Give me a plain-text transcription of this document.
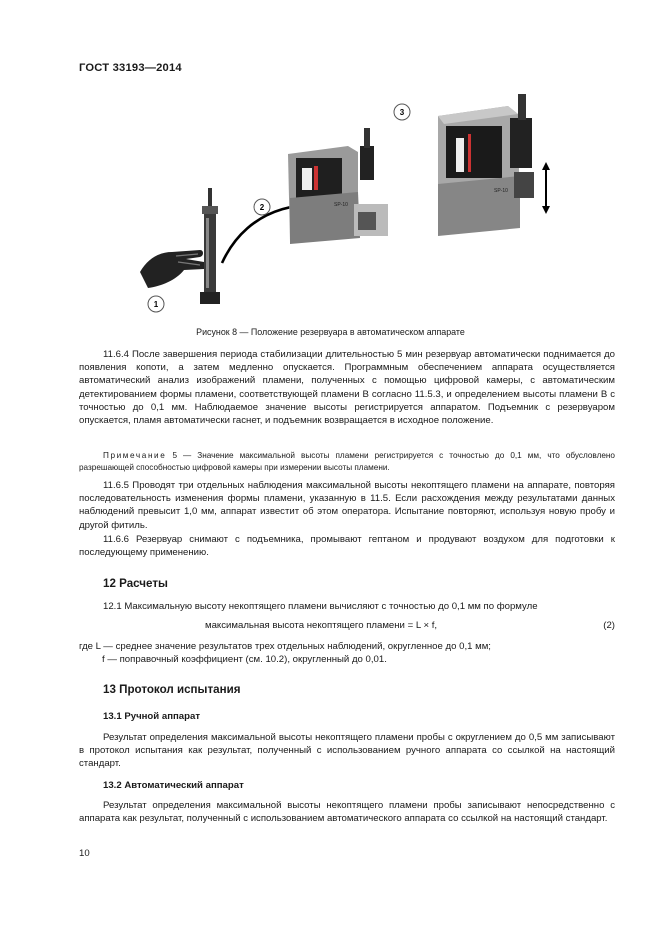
ГОСТ 33193—2014
SP-10
SP-10
1
2
3
Рисунок 8 — Положение резервуара в автоматическом аппарате
11.6.4 После завершения периода стабилизации длительностью 5 мин резервуар автоматически поднимается до появления копоти, а затем медленно опускается. Программным обеспечением аппарата осуществляется автоматический анализ изображений пламени, полученных с помощью цифровой камеры, с автоматическим детектированием формы пламени, соответствующей пламени В согласно 11.5.3, и определением высоты пламени В с точностью до 0,1 мм. Наблюдаемое значение высоты регистрируется аппаратом. Подъемник с резервуаром опускается, пламя автоматически гаснет, и подъемник возвращается в исходное положение.
Примечание 5 — Значение максимальной высоты пламени регистрируется с точностью до 0,1 мм, что обусловлено разрешающей способностью цифровой камеры при измерении высоты пламени.
11.6.5 Проводят три отдельных наблюдения максимальной высоты некоптящего пламени на аппарате, повторяя последовательность изменения формы пламени, указанную в 11.5. Если расхождения между результатами данных наблюдений превысит 1,0 мм, аппарат известит об этом оператора. Испытание повторяют, используя новую пробу и другой фитиль.
11.6.6 Резервуар снимают с подъемника, промывают гептаном и продувают воздухом для подготовки к последующему применению.
12 Расчеты
12.1 Максимальную высоту некоптящего пламени вычисляют с точностью до 0,1 мм по формуле
максимальная высота некоптящего пламени = L × f,	(2)
где L — среднее значение результатов трех отдельных наблюдений, округленное до 0,1 мм;
f — поправочный коэффициент (см. 10.2), округленный до 0,01.
13 Протокол испытания
13.1 Ручной аппарат
Результат определения максимальной высоты некоптящего пламени пробы с округлением до 0,5 мм записывают в протокол испытания как результат, полученный с использованием ручного аппарата со ссылкой на настоящий стандарт.
13.2 Автоматический аппарат
Результат определения максимальной высоты некоптящего пламени пробы записывают непосредственно с аппарата как результат, полученный с использованием автоматического аппарата со ссылкой на настоящий стандарт.
10
